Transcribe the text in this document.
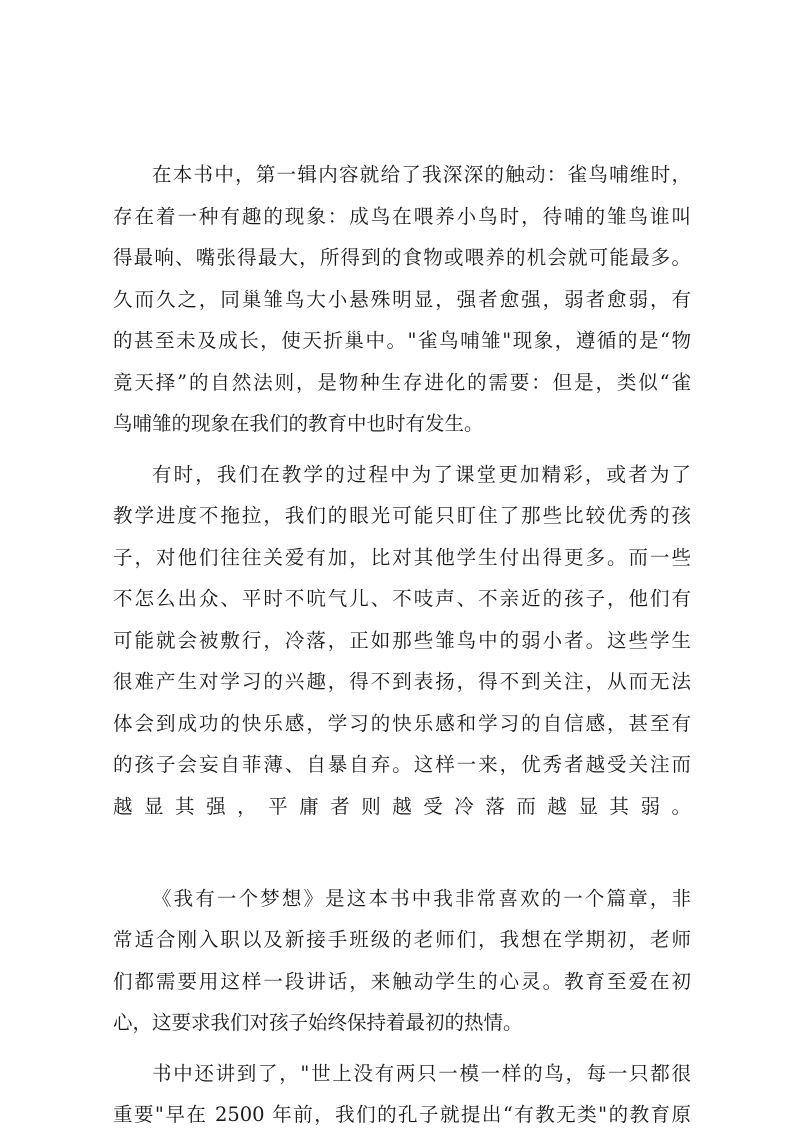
在本书中，第一辑内容就给了我深深的触动：雀鸟哺维时，
存在着一种有趣的现象：成鸟在喂养小鸟时，待哺的雏鸟谁叫
得最响、嘴张得最大，所得到的食物或喂养的机会就可能最多。
久而久之，同巢雏鸟大小悬殊明显，强者愈强，弱者愈弱，有
的甚至未及成长，使天折巢中。"雀鸟哺雏"现象，遵循的是“物
竟天择”的自然法则，是物种生存进化的需要：但是，类似“雀
鸟哺雏的现象在我们的教育中也时有发生。
有时，我们在教学的过程中为了课堂更加精彩，或者为了
教学进度不拖拉，我们的眼光可能只盯住了那些比较优秀的孩
子，对他们往往关爱有加，比对其他学生付出得更多。而一些
不怎么出众、平时不吭气儿、不吱声、不亲近的孩子，他们有
可能就会被敷行，冷落，正如那些雏鸟中的弱小者。这些学生
很难产生对学习的兴趣，得不到表扬，得不到关注，从而无法
体会到成功的快乐感，学习的快乐感和学习的自信感，甚至有
的孩子会妄自菲薄、自暴自弃。这样一来，优秀者越受关注而
越显其强，平庸者则越受冷落而越显其弱。
《我有一个梦想》是这本书中我非常喜欢的一个篇章，非
常适合刚入职以及新接手班级的老师们，我想在学期初，老师
们都需要用这样一段讲话，来触动学生的心灵。教育至爱在初
心，这要求我们对孩子始终保持着最初的热情。
书中还讲到了，"世上没有两只一模一样的鸟，每一只都很
重要"早在 2500 年前，我们的孔子就提出“有教无类"的教育原
